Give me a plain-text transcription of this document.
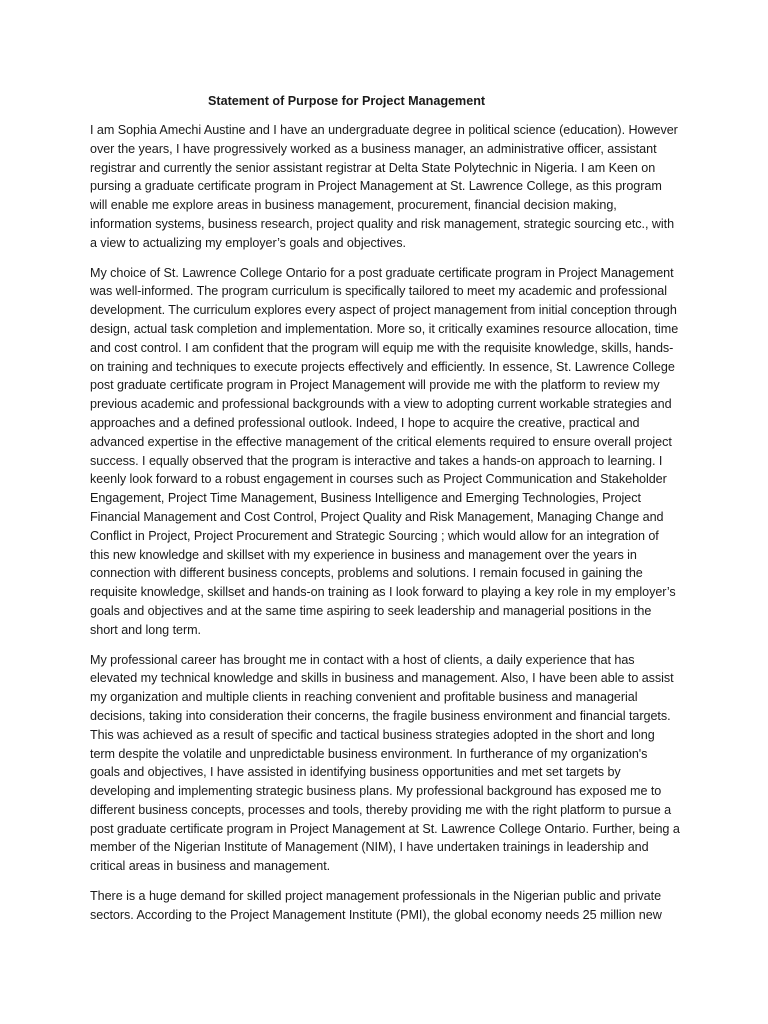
Statement of Purpose for Project Management

I am Sophia Amechi Austine and I have an undergraduate degree in political science (education). However over the years, I have progressively worked as a business manager, an administrative officer, assistant registrar and currently the senior assistant registrar at Delta State Polytechnic in Nigeria. I am Keen on pursing a graduate certificate program in Project Management at St. Lawrence College, as this program will enable me explore areas in business management, procurement, financial decision making, information systems, business research, project quality and risk management, strategic sourcing etc., with a view to actualizing my employer’s goals and objectives.

My choice of St. Lawrence College Ontario for a post graduate certificate program in Project Management was well-informed. The program curriculum is specifically tailored to meet my academic and professional development. The curriculum explores every aspect of project management from initial conception through design, actual task completion and implementation. More so, it critically examines resource allocation, time and cost control. I am confident that the program will equip me with the requisite knowledge, skills, hands-on training and techniques to execute projects effectively and efficiently. In essence, St. Lawrence College post graduate certificate program in Project Management will provide me with the platform to review my previous academic and professional backgrounds with a view to adopting current workable strategies and approaches and a defined professional outlook. Indeed, I hope to acquire the creative, practical and advanced expertise in the effective management of the critical elements required to ensure overall project success. I equally observed that the program is interactive and takes a hands-on approach to learning. I keenly look forward to a robust engagement in courses such as Project Communication and Stakeholder Engagement, Project Time Management, Business Intelligence and Emerging Technologies, Project Financial Management and Cost Control, Project Quality and Risk Management, Managing Change and Conflict in Project, Project Procurement and Strategic Sourcing ; which would allow for an integration of this new knowledge and skillset with my experience in business and management over the years in connection with different business concepts, problems and solutions. I remain focused in gaining the requisite knowledge, skillset and hands-on training as I look forward to playing a key role in my employer’s goals and objectives and at the same time aspiring to seek leadership and managerial positions in the short and long term.

My professional career has brought me in contact with a host of clients, a daily experience that has elevated my technical knowledge and skills in business and management. Also, I have been able to assist my organization and multiple clients in reaching convenient and profitable business and managerial decisions, taking into consideration their concerns, the fragile business environment and financial targets. This was achieved as a result of specific and tactical business strategies adopted in the short and long term despite the volatile and unpredictable business environment. In furtherance of my organization's goals and objectives, I have assisted in identifying business opportunities and met set targets by developing and implementing strategic business plans. My professional background has exposed me to different business concepts, processes and tools, thereby providing me with the right platform to pursue a post graduate certificate program in Project Management at St. Lawrence College Ontario. Further, being a member of the Nigerian Institute of Management (NIM), I have undertaken trainings in leadership and critical areas in business and management.

There is a huge demand for skilled project management professionals in the Nigerian public and private sectors. According to the Project Management Institute (PMI), the global economy needs 25 million new
